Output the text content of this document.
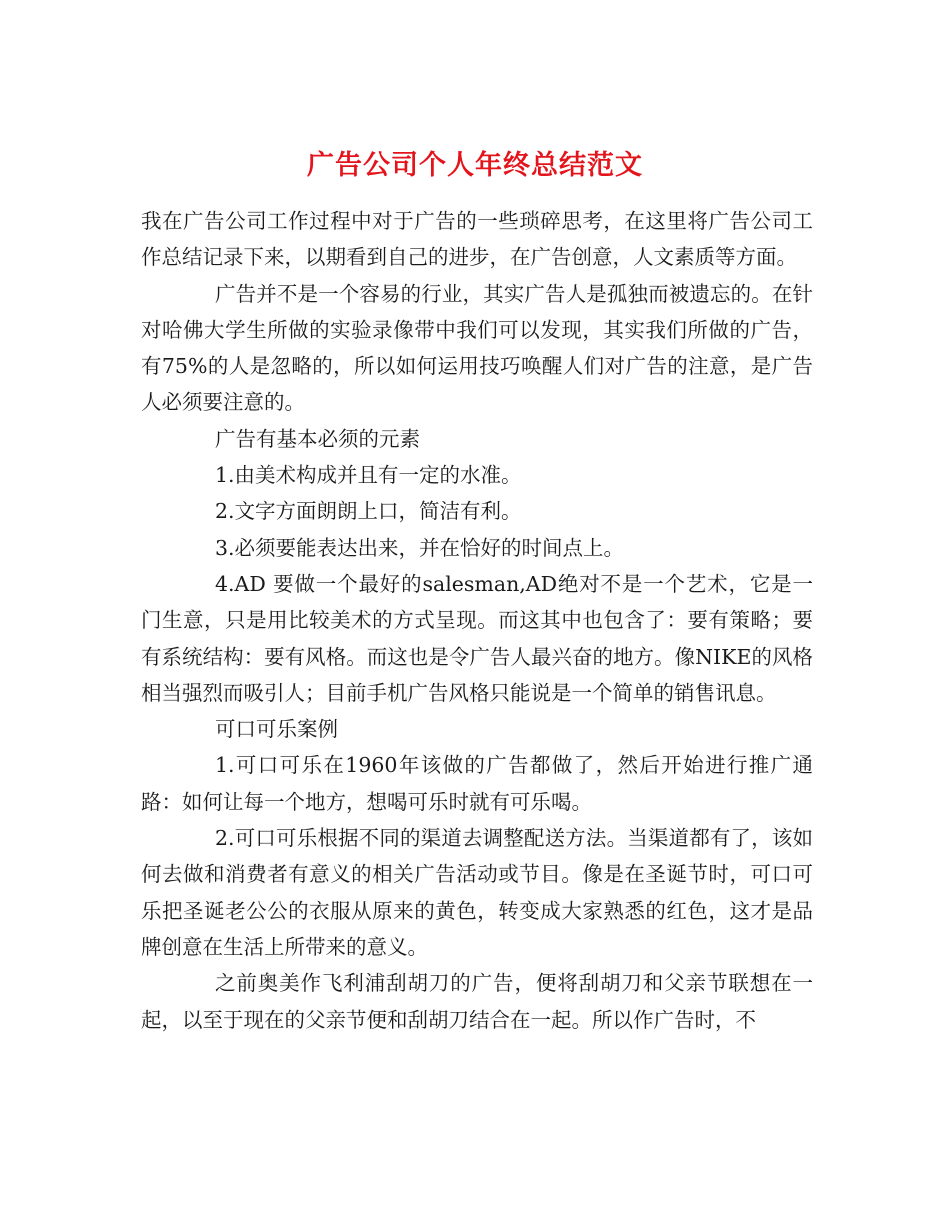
广告公司个人年终总结范文

我在广告公司工作过程中对于广告的一些琐碎思考，在这里将广告公司工作总结记录下来，以期看到自己的进步，在广告创意，人文素质等方面。

广告并不是一个容易的行业，其实广告人是孤独而被遗忘的。在针对哈佛大学生所做的实验录像带中我们可以发现，其实我们所做的广告，有75%的人是忽略的，所以如何运用技巧唤醒人们对广告的注意，是广告人必须要注意的。

广告有基本必须的元素

1.由美术构成并且有一定的水准。

2.文字方面朗朗上口，简洁有利。

3.必须要能表达出来，并在恰好的时间点上。

4.AD 要做一个最好的salesman,AD绝对不是一个艺术，它是一门生意，只是用比较美术的方式呈现。而这其中也包含了：要有策略；要有系统结构：要有风格。而这也是令广告人最兴奋的地方。像NIKE的风格相当强烈而吸引人；目前手机广告风格只能说是一个简单的销售讯息。

可口可乐案例

1.可口可乐在1960年该做的广告都做了，然后开始进行推广通路：如何让每一个地方，想喝可乐时就有可乐喝。

2.可口可乐根据不同的渠道去调整配送方法。当渠道都有了，该如何去做和消费者有意义的相关广告活动或节目。像是在圣诞节时，可口可乐把圣诞老公公的衣服从原来的黄色，转变成大家熟悉的红色，这才是品牌创意在生活上所带来的意义。

之前奥美作飞利浦刮胡刀的广告，便将刮胡刀和父亲节联想在一起，以至于现在的父亲节便和刮胡刀结合在一起。所以作广告时，不
